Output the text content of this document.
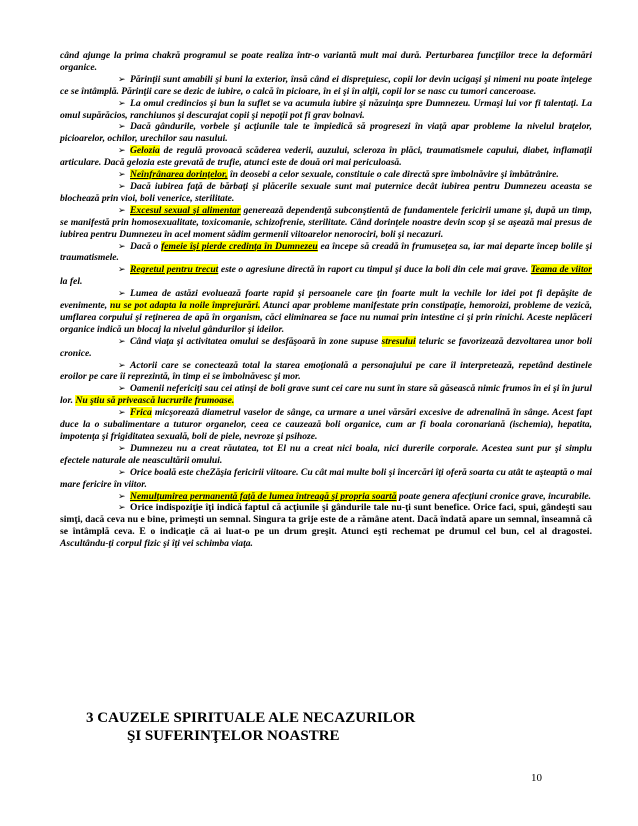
când ajunge la prima chakră programul se poate realiza într-o variantă mult mai dură. Perturbarea funcţiilor trece la deformări organice.

➢ Părinţii sunt amabili şi buni la exterior, însă când ei dispreţuiesc, copii lor devin ucigaşi şi nimeni nu poate înţelege ce se întâmplă. Părinţii care se dezic de iubire, o calcă în picioare, în ei şi în alţii, copii lor se nasc cu tumori canceroase.

➢ La omul credincios şi bun la suflet se va acumula iubire şi năzuinţa spre Dumnezeu. Urmaşi lui vor fi talentaţi. La omul supărăcios, ranchiunos şi descurajat copii şi nepoţii pot fi grav bolnavi.

➢ Dacă gândurile, vorbele şi acţiunile tale te împiedică să progresezi în viaţă apar probleme la nivelul braţelor, picioarelor, ochilor, urechilor sau nasului.

➢ Gelozia de regulă provoacă scăderea vederii, auzului, scleroza în plăci, traumatismele capului, diabet, inflamaţii articulare. Dacă gelozia este grevată de trufie, atunci este de două ori mai periculoasă.

➢ Neînfrânarea dorinţelor, în deosebi a celor sexuale, constituie o cale directă spre îmbolnăvire şi îmbătrânire.

➢ Dacă iubirea faţă de bărbaţi şi plăcerile sexuale sunt mai puternice decât iubirea pentru Dumnezeu aceasta se blochează prin vioi, boli venerice, sterilitate.

➢ Excesul sexual şi alimentar generează dependenţă subconştientă de fundamentele fericirii umane şi, după un timp, se manifestă prin homosexualitate, toxicomanie, schizofrenie, sterilitate. Când dorinţele noastre devin scop şi se aşează mai presus de iubirea pentru Dumnezeu în acel moment sădim germenii viitoarelor nenorociri, boli şi necazuri.

➢ Dacă o femeie îşi pierde credinţa în Dumnezeu ea începe să creadă în frumuseţea sa, iar mai departe încep bolile şi traumatismele.

➢ Regretul pentru trecut este o agresiune directă în raport cu timpul şi duce la boli din cele mai grave. Teama de viitor la fel.

➢ Lumea de astăzi evoluează foarte rapid şi persoanele care ţin foarte mult la vechile lor idei pot fi depăşite de evenimente, nu se pot adapta la noile împrejurări. Atunci apar probleme manifestate prin constipaţie, hemoroizi, probleme de vezică, umflarea corpului şi reţinerea de apă în organism, căci eliminarea se face nu numai prin intestine ci şi prin rinichi. Aceste neplăceri organice indică un blocaj la nivelul gândurilor şi ideilor.

➢ Când viaţa şi activitatea omului se desfăşoară în zone supuse stresului teluric se favorizează dezvoltarea unor boli cronice.

➢ Actorii care se conectează total la starea emoţională a personajului pe care îl interpretează, repetând destinele eroilor pe care îi reprezintă, în timp ei se îmbolnăvesc şi mor.

➢ Oamenii nefericiţi sau cei atinşi de boli grave sunt cei care nu sunt în stare să găsească nimic frumos în ei şi în jurul lor. Nu ştiu să privească lucrurile frumoase.

➢ Frica micşorează diametrul vaselor de sânge, ca urmare a unei vărsări excesive de adrenalină în sânge. Acest fapt duce la o subalimentare a tuturor organelor, ceea ce cauzează boli organice, cum ar fi boala coronariană (ischemia), hepatita, impotenţa şi frigiditatea sexuală, boli de piele, nevroze şi psihoze.

➢ Dumnezeu nu a creat răutatea, tot El nu a creat nici boala, nici durerile corporale. Acestea sunt pur şi simplu efectele naturale ale neascultării omului.

➢ Orice boală este cheZăşia fericirii viitoare. Cu cât mai multe boli şi încercări îţi oferă soarta cu atât te aşteaptă o mai mare fericire în viitor.

➢ Nemulţumirea permanentă faţă de lumea întreagă şi propria soartă poate genera afecţiuni cronice grave, incurabile.

➢ Orice indispoziţie îţi indică faptul că acţiunile şi gândurile tale nu-ţi sunt benefice. Orice faci, spui, gândeşti sau simţi, dacă ceva nu e bine, primeşti un semnal. Singura ta grije este de a rămâne atent. Dacă îndată apare un semnal, înseamnă că se întâmplă ceva. E o indicaţie că ai luat-o pe un drum greşit. Atunci eşti rechemat pe drumul cel bun, cel al dragostei. Ascultându-ţi corpul fizic şi îţi vei schimba viaţa.

3 CAUZELE SPIRITUALE ALE NECAZURILOR
ŞI SUFERINŢELOR NOASTRE
10
